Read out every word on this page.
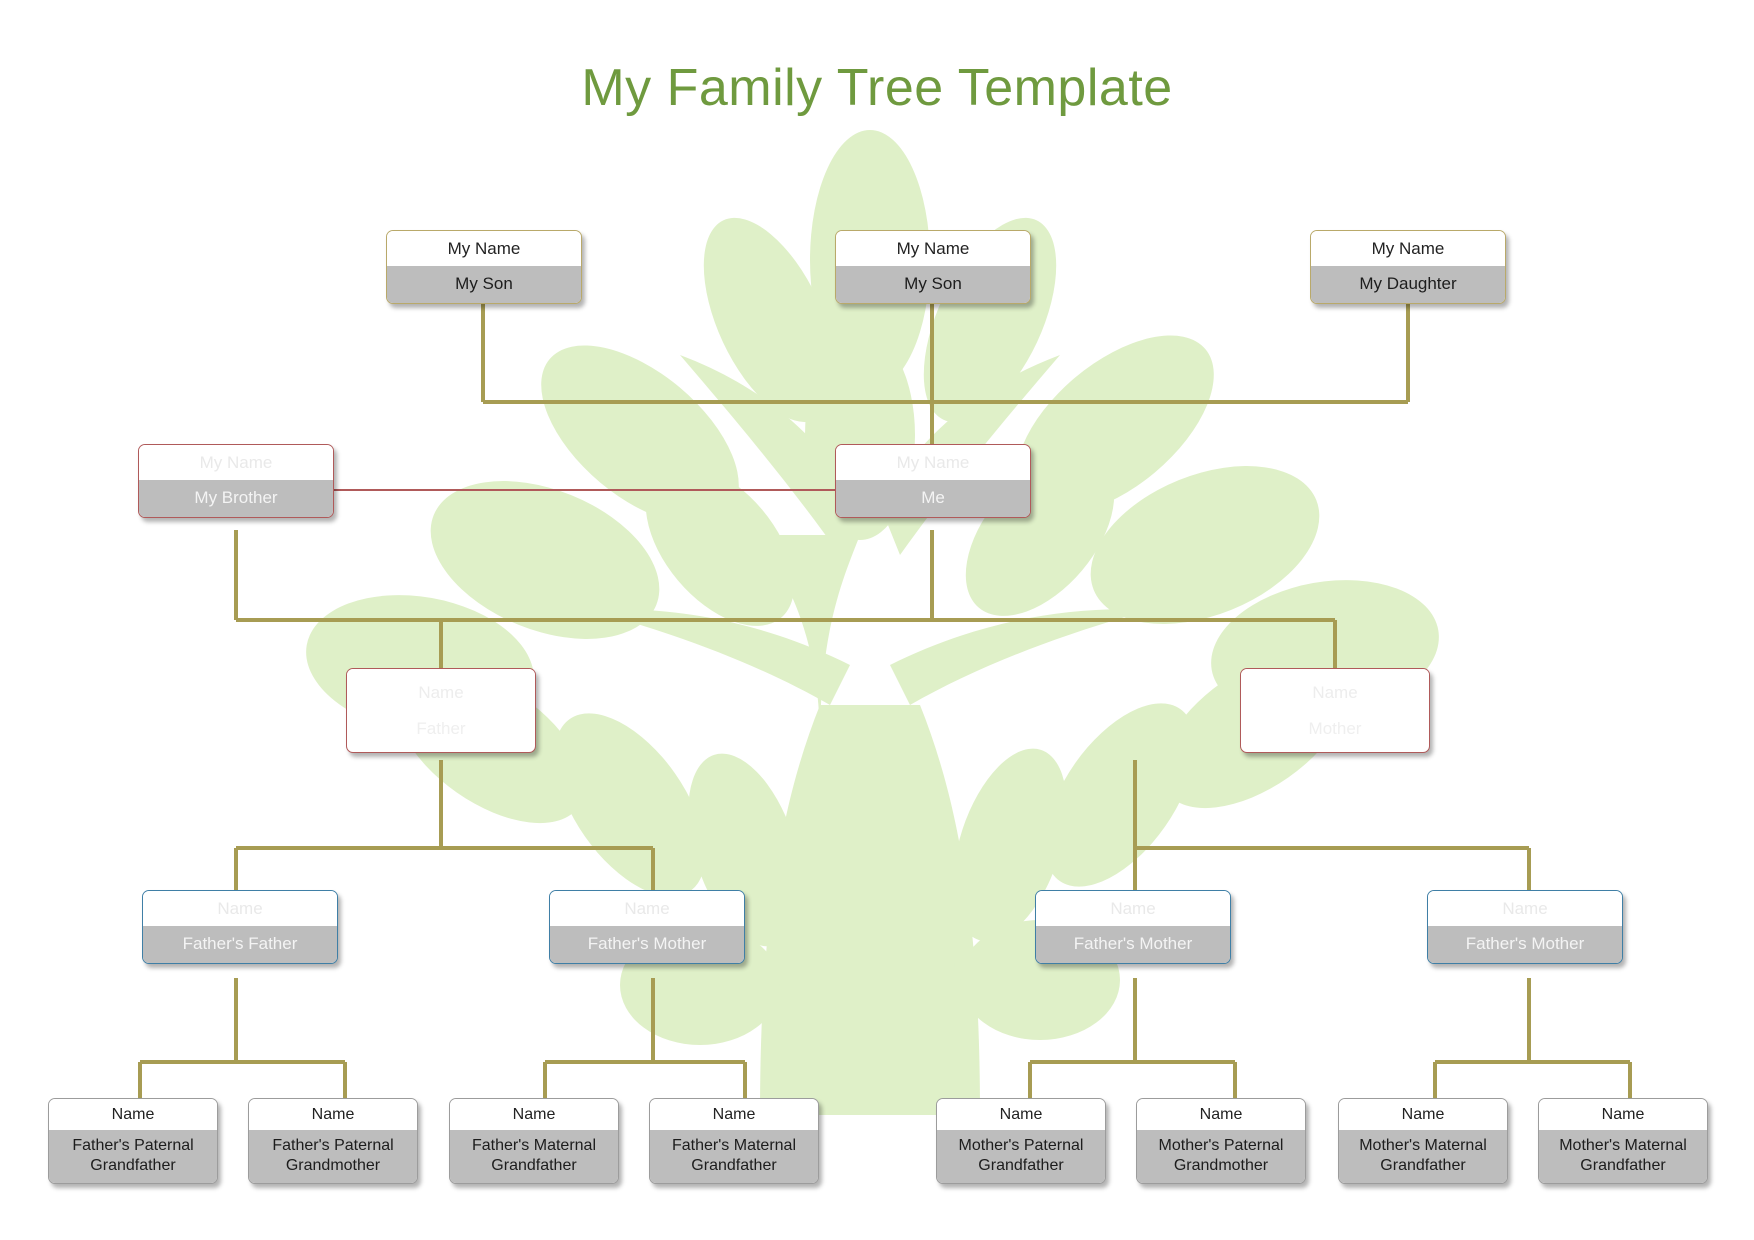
My Family Tree Template
My Name
My Son
My Name
My Son
My Name
My Daughter
My Name
My Brother
My Name
Me
Name
Father
Name
Mother
Name
Father's Father
Name
Father's Mother
Name
Father's Mother
Name
Father's Mother
Name
Father's Paternal Grandfather
Name
Father's Paternal Grandmother
Name
Father's Maternal Grandfather
Name
Father's Maternal Grandfather
Name
Mother's Paternal Grandfather
Name
Mother's Paternal Grandmother
Name
Mother's Maternal Grandfather
Name
Mother's Maternal Grandfather
